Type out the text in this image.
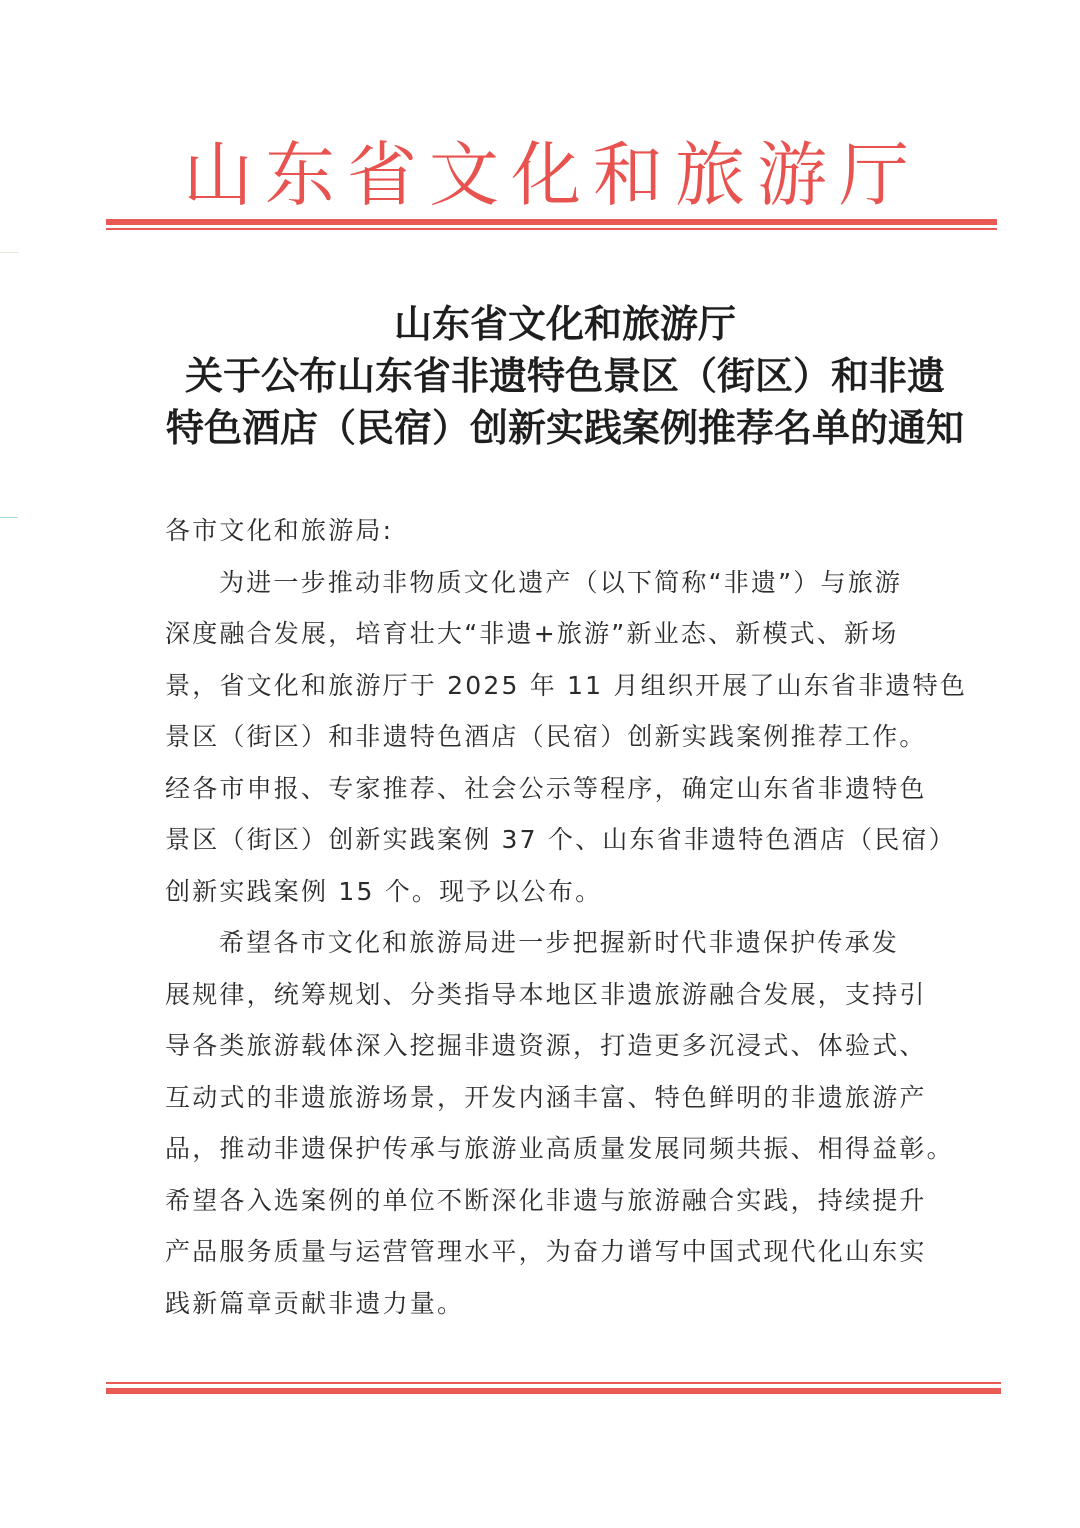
山东省文化和旅游厅
山东省文化和旅游厅
关于公布山东省非遗特色景区（街区）和非遗
特色酒店（民宿）创新实践案例推荐名单的通知
各市文化和旅游局:
为进一步推动非物质文化遗产（以下简称“非遗”）与旅游
深度融合发展，培育壮大“非遗+旅游”新业态、新模式、新场
景，省文化和旅游厅于 2025 年 11 月组织开展了山东省非遗特色
景区（街区）和非遗特色酒店（民宿）创新实践案例推荐工作。
经各市申报、专家推荐、社会公示等程序，确定山东省非遗特色
景区（街区）创新实践案例 37 个、山东省非遗特色酒店（民宿）
创新实践案例 15 个。现予以公布。
希望各市文化和旅游局进一步把握新时代非遗保护传承发
展规律，统筹规划、分类指导本地区非遗旅游融合发展，支持引
导各类旅游载体深入挖掘非遗资源，打造更多沉浸式、体验式、
互动式的非遗旅游场景，开发内涵丰富、特色鲜明的非遗旅游产
品，推动非遗保护传承与旅游业高质量发展同频共振、相得益彰。
希望各入选案例的单位不断深化非遗与旅游融合实践，持续提升
产品服务质量与运营管理水平，为奋力谱写中国式现代化山东实
践新篇章贡献非遗力量。
